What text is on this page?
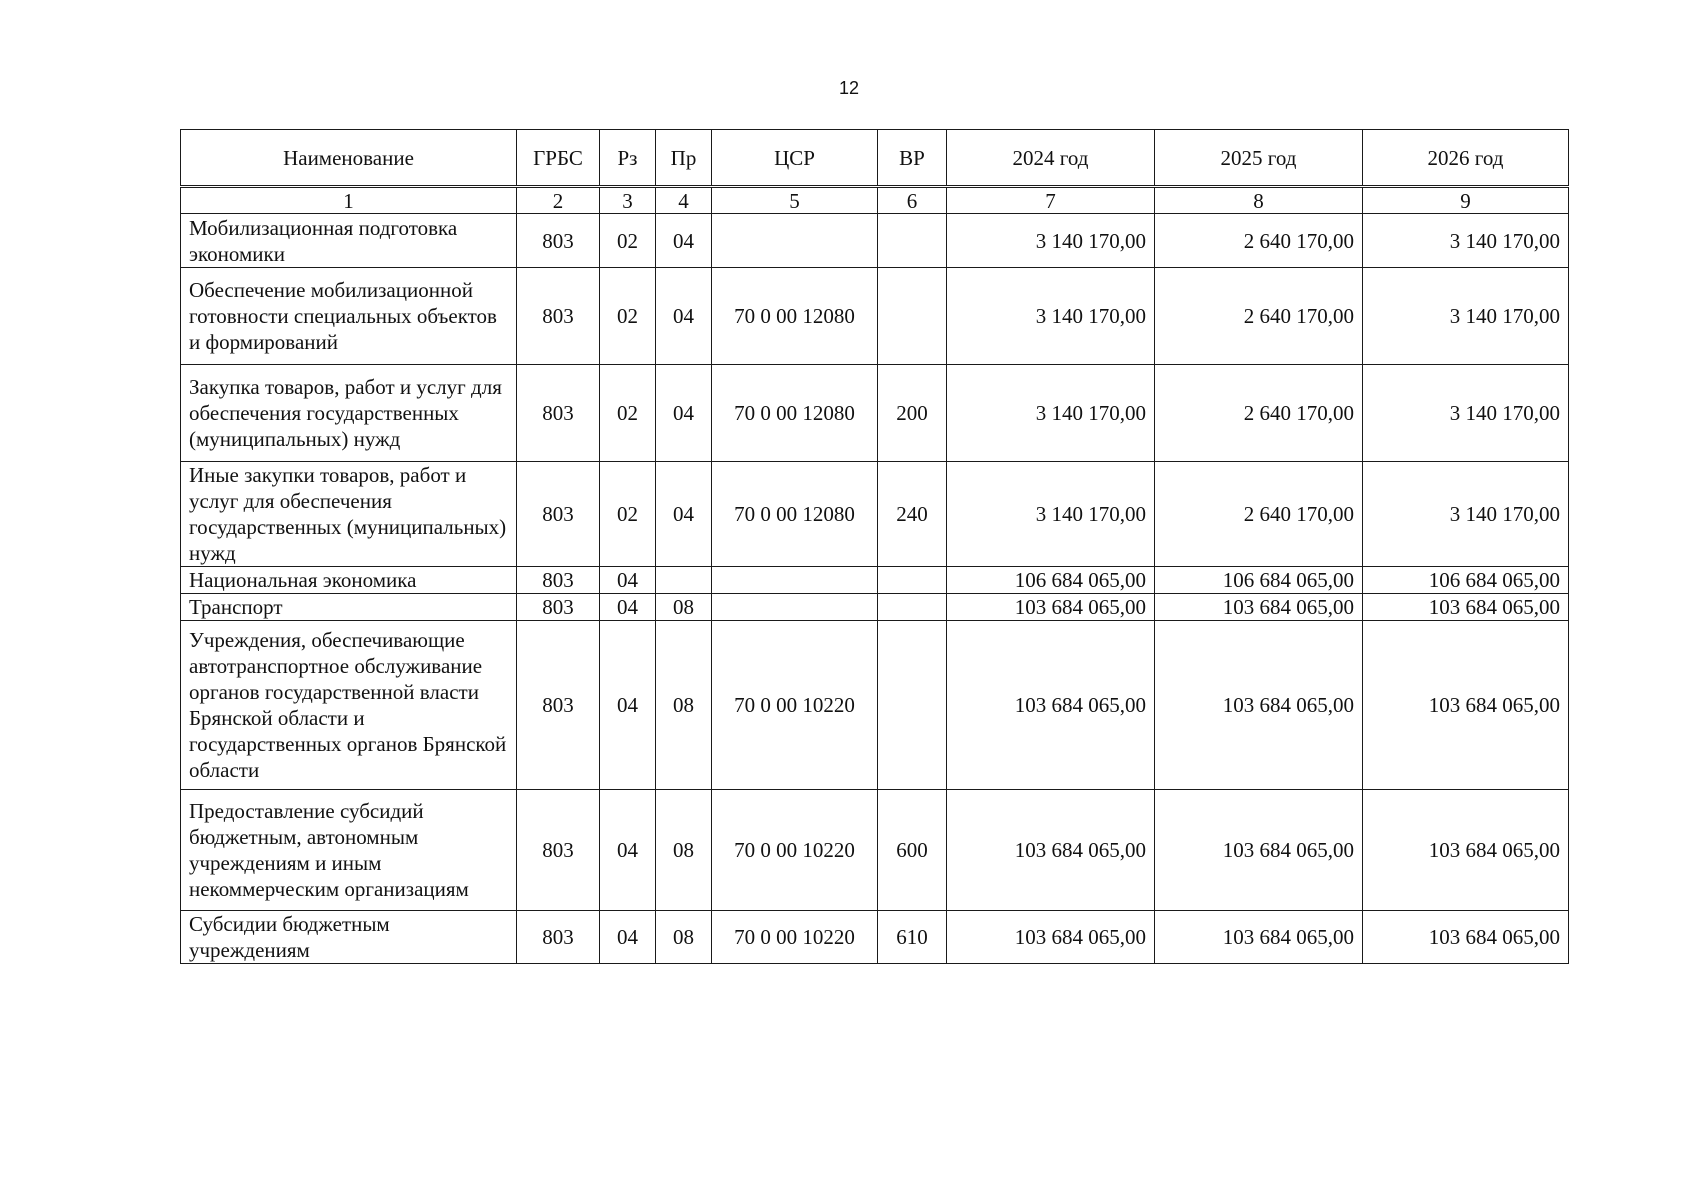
12
Наименование	ГРБС	Рз	Пр	ЦСР	ВР	2024 год	2025 год	2026 год
1	2	3	4	5	6	7	8	9
Мобилизационная подготовка экономики	803	02	04			3 140 170,00	2 640 170,00	3 140 170,00
Обеспечение мобилизационной готовности специальных объектов и формирований	803	02	04	70 0 00 12080		3 140 170,00	2 640 170,00	3 140 170,00
Закупка товаров, работ и услуг для обеспечения государственных (муниципальных) нужд	803	02	04	70 0 00 12080	200	3 140 170,00	2 640 170,00	3 140 170,00
Иные закупки товаров, работ и услуг для обеспечения государственных (муниципальных) нужд	803	02	04	70 0 00 12080	240	3 140 170,00	2 640 170,00	3 140 170,00
Национальная экономика	803	04				106 684 065,00	106 684 065,00	106 684 065,00
Транспорт	803	04	08			103 684 065,00	103 684 065,00	103 684 065,00
Учреждения, обеспечивающие автотранспортное обслуживание органов государственной власти Брянской области и государственных органов Брянской области	803	04	08	70 0 00 10220		103 684 065,00	103 684 065,00	103 684 065,00
Предоставление субсидий бюджетным, автономным учреждениям и иным некоммерческим организациям	803	04	08	70 0 00 10220	600	103 684 065,00	103 684 065,00	103 684 065,00
Субсидии бюджетным учреждениям	803	04	08	70 0 00 10220	610	103 684 065,00	103 684 065,00	103 684 065,00
